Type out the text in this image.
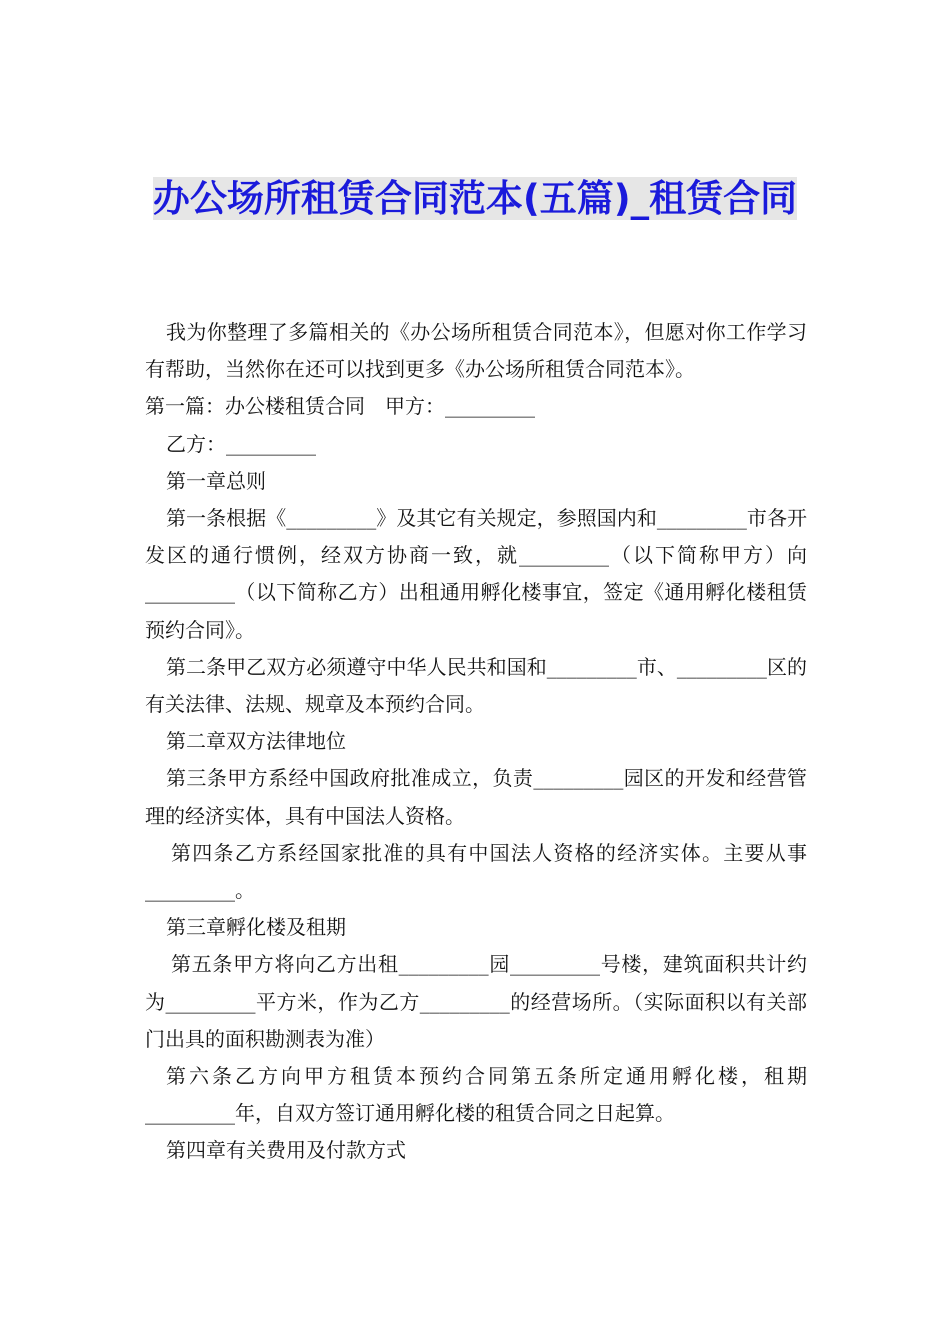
办公场所租赁合同范本(五篇)_租赁合同

我为你整理了多篇相关的《办公场所租赁合同范本》，但愿对你工作学习有帮助，当然你在还可以找到更多《办公场所租赁合同范本》。

第一篇：办公楼租赁合同　甲方：_________

乙方：_________

第一章总则

第一条根据《_________》及其它有关规定，参照国内和_________市各开发区的通行惯例，经双方协商一致，就_________（以下简称甲方）向_________（以下简称乙方）出租通用孵化楼事宜，签定《通用孵化楼租赁预约合同》。

第二条甲乙双方必须遵守中华人民共和国和_________市、_________区的有关法律、法规、规章及本预约合同。

第二章双方法律地位

第三条甲方系经中国政府批准成立，负责_________园区的开发和经营管理的经济实体，具有中国法人资格。

第四条乙方系经国家批准的具有中国法人资格的经济实体。主要从事_________。

第三章孵化楼及租期

第五条甲方将向乙方出租_________园_________号楼，建筑面积共计约为_________平方米，作为乙方_________的经营场所。（实际面积以有关部门出具的面积勘测表为准）

第六条乙方向甲方租赁本预约合同第五条所定通用孵化楼，租期_________年，自双方签订通用孵化楼的租赁合同之日起算。

第四章有关费用及付款方式
